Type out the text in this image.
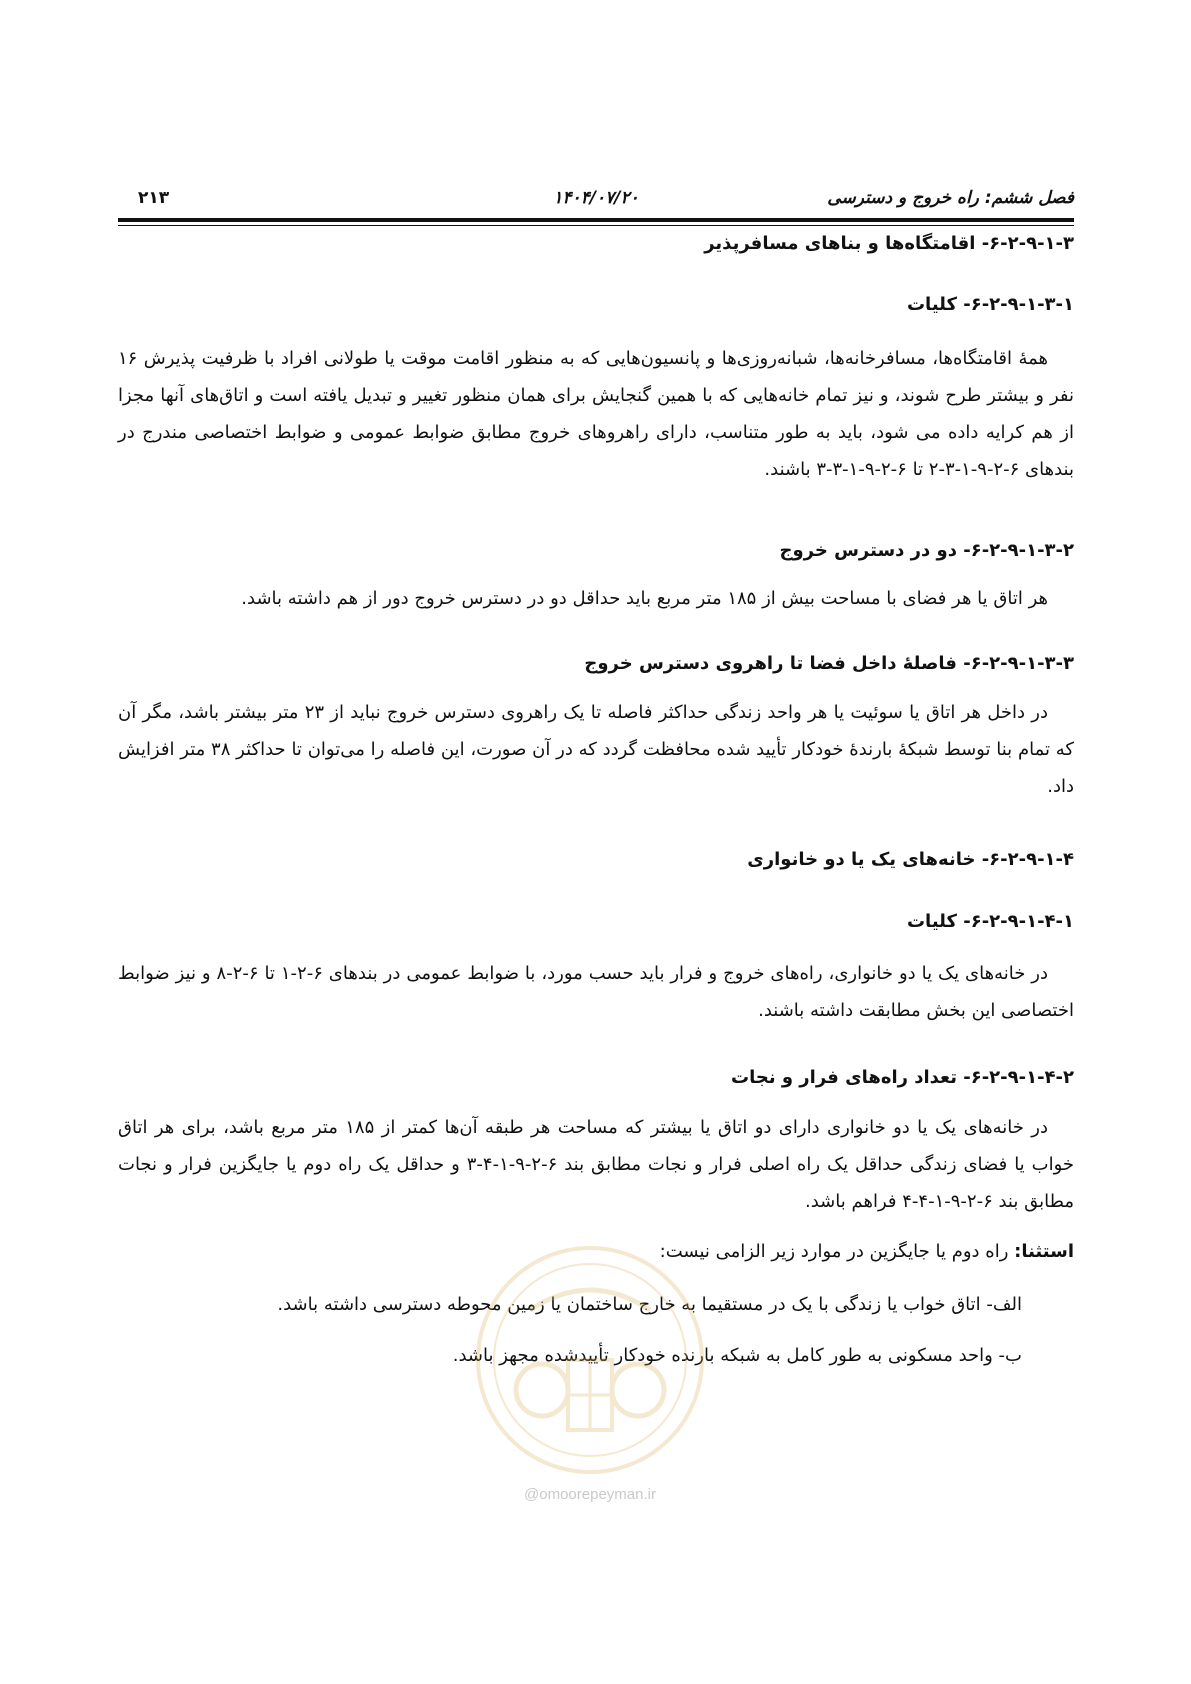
فصل ششم: راه خروج و دسترسی
۱۴۰۴/۰۷/۲۰
۲۱۳
۶-۲-۹-۱-۳- اقامتگاه‌ها و بناهای مسافرپذیر
۶-۲-۹-۱-۳-۱- کلیات
همهٔ اقامتگاه‌ها، مسافرخانه‌ها، شبانه‌روزی‌ها و پانسیون‌هایی که به منظور اقامت موقت یا طولانی افراد با ظرفیت پذیرش ۱۶ نفر و بیشتر طرح شوند، و نیز تمام خانه‌هایی که با همین گنجایش برای همان منظور تغییر و تبدیل یافته است و اتاق‌های آنها مجزا از هم کرایه داده می شود، باید به طور متناسب، دارای راهروهای خروج مطابق ضوابط عمومی و ضوابط اختصاصی مندرج در بندهای ۶-۲-۹-۱-۳-۲ تا ۶-۲-۹-۱-۳-۳ باشند.
۶-۲-۹-۱-۳-۲- دو در دسترس خروج
هر اتاق یا هر فضای با مساحت بیش از ۱۸۵ متر مربع باید حداقل دو در دسترس خروج دور از هم داشته باشد.
۶-۲-۹-۱-۳-۳- فاصلهٔ داخل فضا تا راهروی دسترس خروج
در داخل هر اتاق یا سوئیت یا هر واحد زندگی حداکثر فاصله تا یک راهروی دسترس خروج نباید از ۲۳ متر بیشتر باشد، مگر آن که تمام بنا توسط شبکهٔ بارندهٔ خودکار تأیید شده محافظت گردد که در آن صورت، این فاصله را می‌توان تا حداکثر ۳۸ متر افزایش داد.
۶-۲-۹-۱-۴- خانه‌های یک یا دو خانواری
۶-۲-۹-۱-۴-۱- کلیات
در خانه‌های یک یا دو خانواری، راه‌های خروج و فرار باید حسب مورد، با ضوابط عمومی در بندهای ۶-۲-۱ تا ۶-۲-۸ و نیز ضوابط اختصاصی این بخش مطابقت داشته باشند.
۶-۲-۹-۱-۴-۲- تعداد راه‌های فرار و نجات
در خانه‌های یک یا دو خانواری دارای دو اتاق یا بیشتر که مساحت هر طبقه آن‌ها کمتر از ۱۸۵ متر مربع باشد، برای هر اتاق خواب یا فضای زندگی حداقل یک راه اصلی فرار و نجات مطابق بند ۶-۲-۹-۱-۴-۳ و حداقل یک راه دوم یا جایگزین فرار و نجات مطابق بند ۶-۲-۹-۱-۴-۴ فراهم باشد.
استثنا: راه دوم یا جایگزین در موارد زیر الزامی نیست:
الف- اتاق خواب یا زندگی با یک در مستقیما به خارج ساختمان یا زمین محوطه دسترسی داشته باشد.
ب- واحد مسکونی به طور کامل به شبکه بارنده خودکار تأییدشده مجهز باشد.
@omoorepeyman.ir
